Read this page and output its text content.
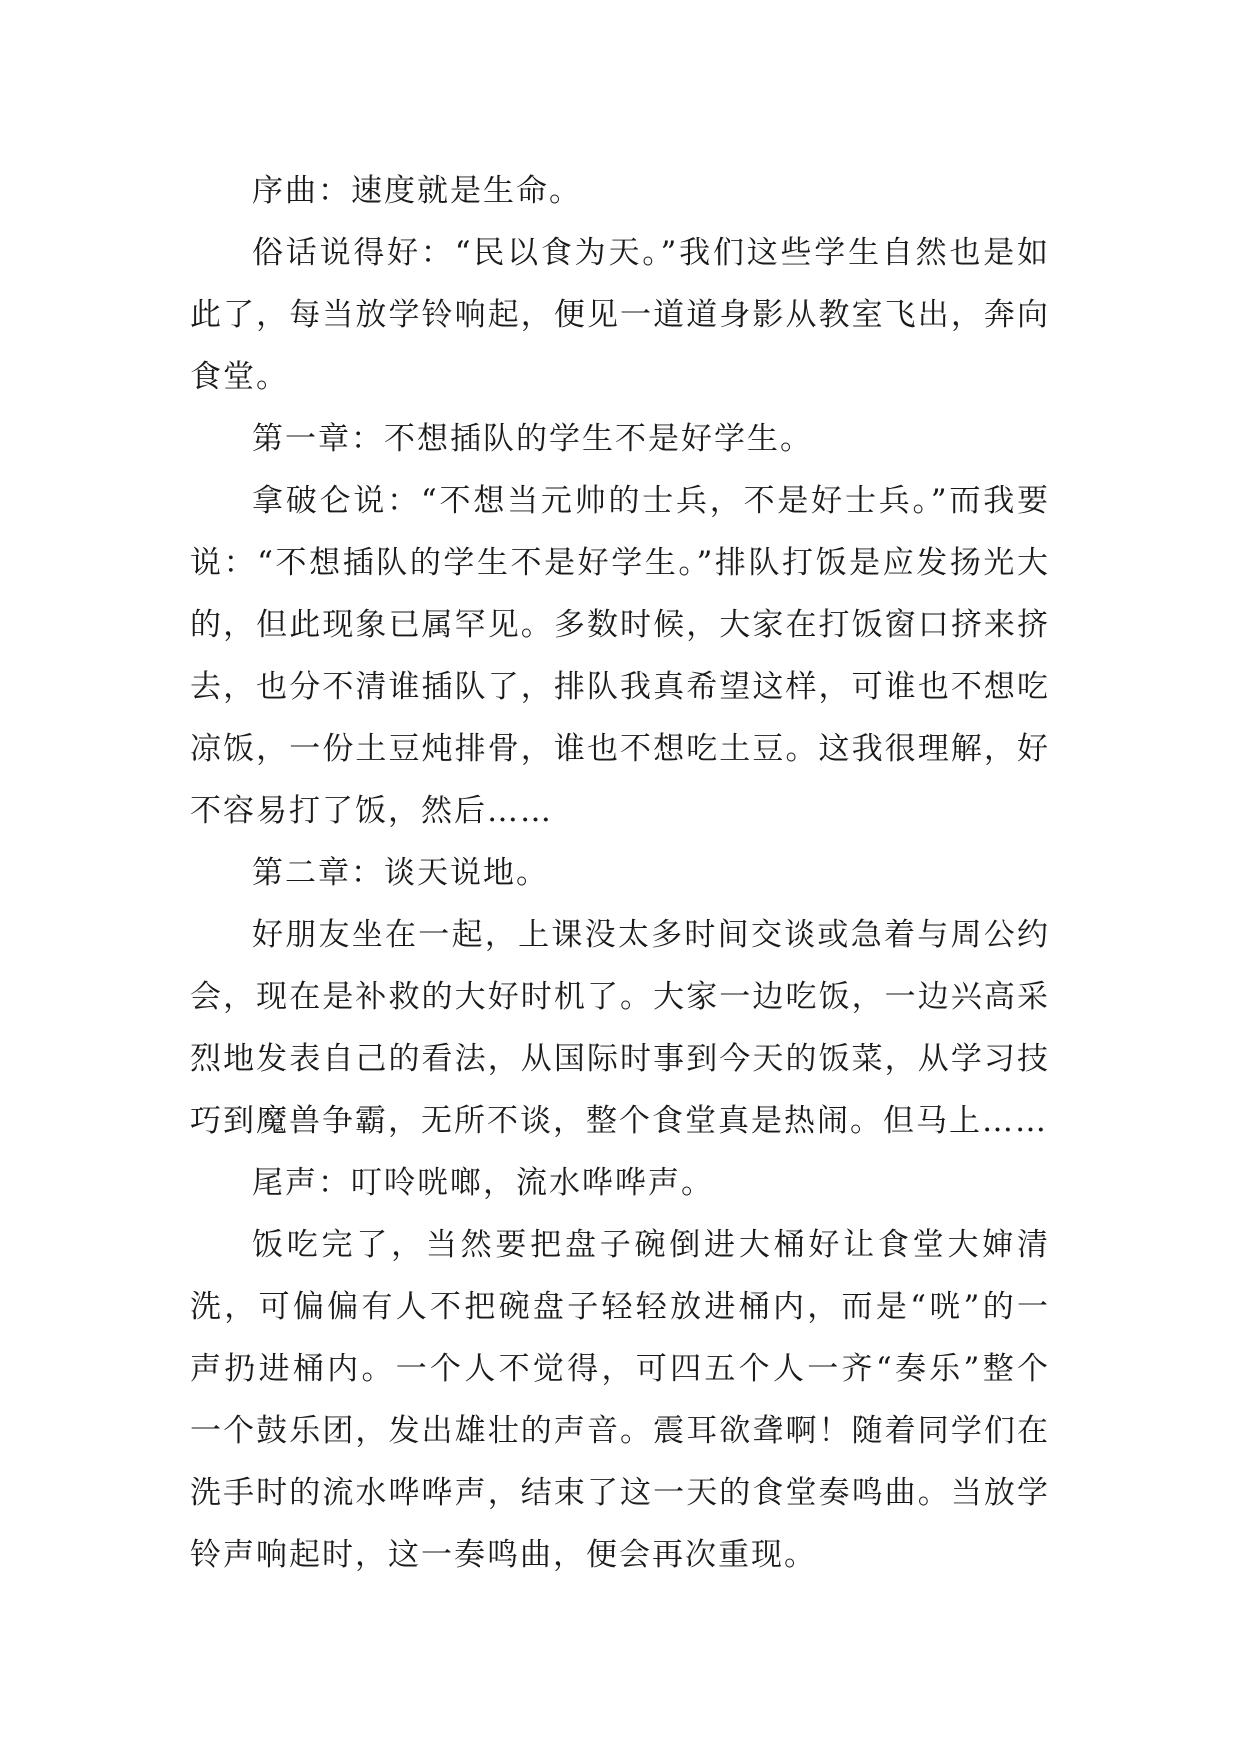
序曲：速度就是生命。

俗话说得好：“民以食为天。”我们这些学生自然也是如此了，每当放学铃响起，便见一道道身影从教室飞出，奔向食堂。

第一章：不想插队的学生不是好学生。

拿破仑说：“不想当元帅的士兵，不是好士兵。”而我要说：“不想插队的学生不是好学生。”排队打饭是应发扬光大的，但此现象已属罕见。多数时候，大家在打饭窗口挤来挤去，也分不清谁插队了，排队我真希望这样，可谁也不想吃凉饭，一份土豆炖排骨，谁也不想吃土豆。这我很理解，好不容易打了饭，然后……

第二章：谈天说地。

好朋友坐在一起，上课没太多时间交谈或急着与周公约会，现在是补救的大好时机了。大家一边吃饭，一边兴高采烈地发表自己的看法，从国际时事到今天的饭菜，从学习技巧到魔兽争霸，无所不谈，整个食堂真是热闹。但马上……

尾声：叮呤咣啷，流水哗哗声。

饭吃完了，当然要把盘子碗倒进大桶好让食堂大婶清洗，可偏偏有人不把碗盘子轻轻放进桶内，而是“咣”的一声扔进桶内。一个人不觉得，可四五个人一齐“奏乐”整个一个鼓乐团，发出雄壮的声音。震耳欲聋啊！随着同学们在洗手时的流水哗哗声，结束了这一天的食堂奏鸣曲。当放学铃声响起时，这一奏鸣曲，便会再次重现。
